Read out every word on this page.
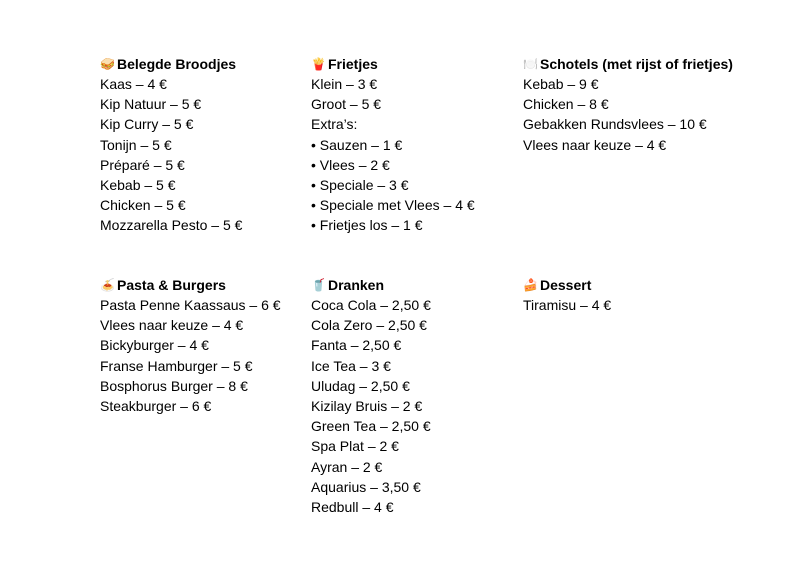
🥪 Belegde Broodjes
Kaas – 4 €
Kip Natuur – 5 €
Kip Curry – 5 €
Tonijn – 5 €
Préparé – 5 €
Kebab – 5 €
Chicken – 5 €
Mozzarella Pesto – 5 €
🍟 Frietjes
Klein – 3 €
Groot – 5 €
Extra’s:
• Sauzen – 1 €
• Vlees – 2 €
• Speciale – 3 €
• Speciale met Vlees – 4 €
• Frietjes los – 1 €
🍽️ Schotels (met rijst of frietjes)
Kebab – 9 €
Chicken – 8 €
Gebakken Rundsvlees – 10 €
Vlees naar keuze – 4 €
🍝 Pasta & Burgers
Pasta Penne Kaassaus – 6 €
Vlees naar keuze – 4 €
Bickyburger – 4 €
Franse Hamburger – 5 €
Bosphorus Burger – 8 €
Steakburger – 6 €
🥤 Dranken
Coca Cola – 2,50 €
Cola Zero – 2,50 €
Fanta – 2,50 €
Ice Tea – 3 €
Uludag – 2,50 €
Kizilay Bruis – 2 €
Green Tea – 2,50 €
Spa Plat – 2 €
Ayran – 2 €
Aquarius – 3,50 €
Redbull – 4 €
🍰 Dessert
Tiramisu – 4 €
